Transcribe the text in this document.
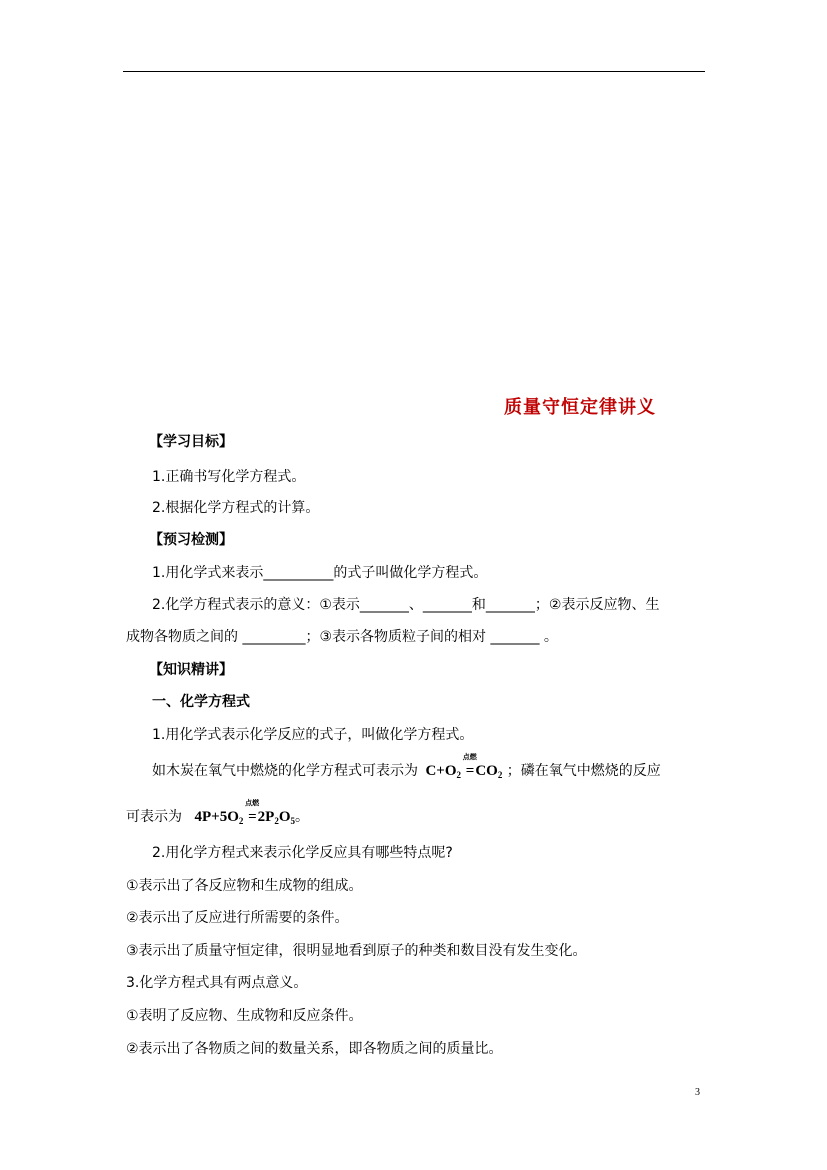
质量守恒定律讲义
【学习目标】
1.正确书写化学方程式。
2.根据化学方程式的计算。
【预习检测】
1.用化学式来表示__________的式子叫做化学方程式。
2.化学方程式表示的意义：①表示_______、_______和_______；②表示反应物、生
成物各物质之间的 _________；③表示各物质粒子间的相对 _______ 。
【知识精讲】
一、化学方程式
1.用化学式表示化学反应的式子，叫做化学方程式。
如木炭在氧气中燃烧的化学方程式可表示为 $C+O_2$
点燃
$=CO_2$ ；磷在氧气中燃烧的反应
可表示为 $4P+5O_2$
点燃
$=2P_2O_5$。
2.用化学方程式来表示化学反应具有哪些特点呢?
①表示出了各反应物和生成物的组成。
②表示出了反应进行所需要的条件。
③表示出了质量守恒定律，很明显地看到原子的种类和数目没有发生变化。
3.化学方程式具有两点意义。
①表明了反应物、生成物和反应条件。
②表示出了各物质之间的数量关系，即各物质之间的质量比。
3
